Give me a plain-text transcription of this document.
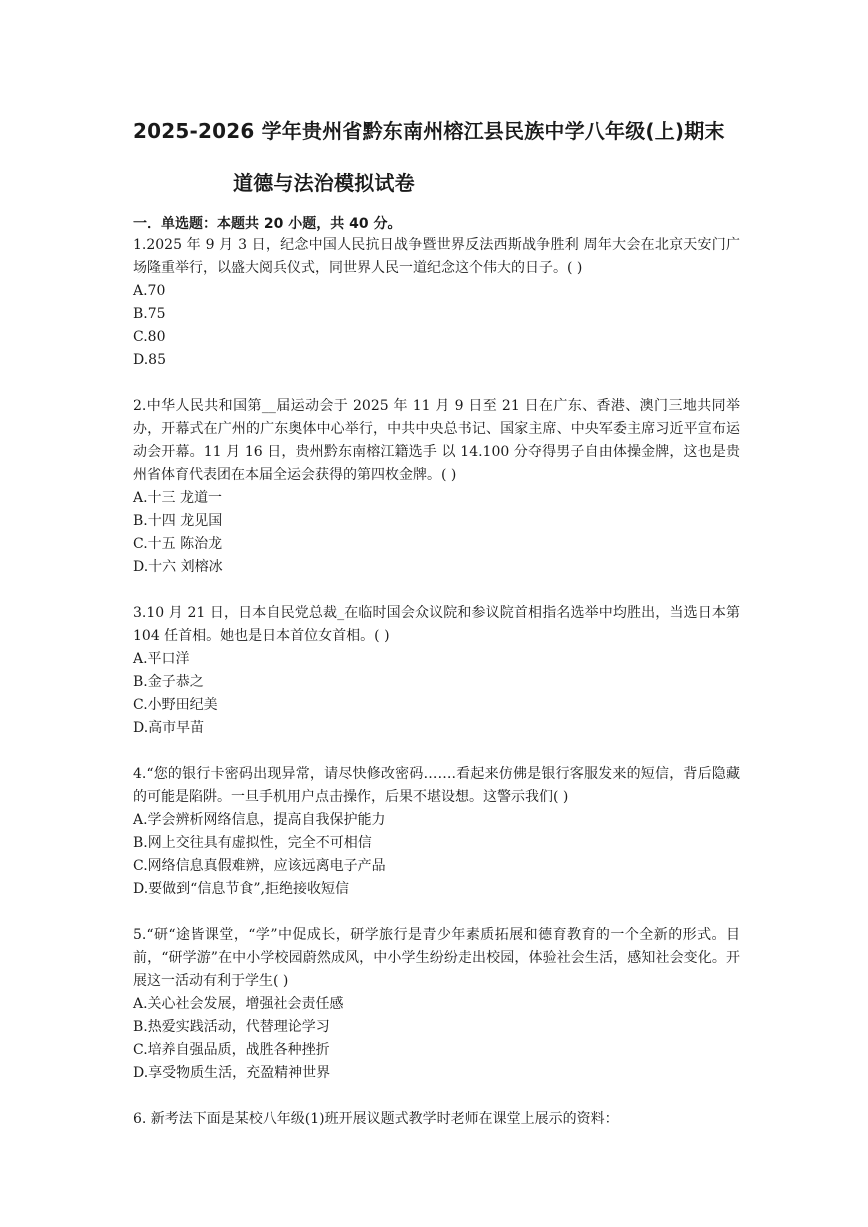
2025-2026 学年贵州省黔东南州榕江县民族中学八年级(上)期末
道德与法治模拟试卷
一．单选题：本题共 20 小题，共 40 分。
1.2025 年 9 月 3 日，纪念中国人民抗日战争暨世界反法西斯战争胜利 周年大会在北京天安门广场隆重举行，以盛大阅兵仪式，同世界人民一道纪念这个伟大的日子。( )
A.70
B.75
C.80
D.85
2.中华人民共和国第__届运动会于 2025 年 11 月 9 日至 21 日在广东、香港、澳门三地共同举办，开幕式在广州的广东奥体中心举行，中共中央总书记、国家主席、中央军委主席习近平宣布运动会开幕。11 月 16 日，贵州黔东南榕江籍选手 以 14.100 分夺得男子自由体操金牌，这也是贵州省体育代表团在本届全运会获得的第四枚金牌。( )
A.十三 龙道一
B.十四 龙见国
C.十五 陈治龙
D.十六 刘榕冰
3.10 月 21 日，日本自民党总裁_在临时国会众议院和参议院首相指名选举中均胜出，当选日本第 104 任首相。她也是日本首位女首相。( )
A.平口洋
B.金子恭之
C.小野田纪美
D.高市早苗
4.“您的银行卡密码出现异常，请尽快修改密码…….看起来仿佛是银行客服发来的短信，背后隐藏的可能是陷阱。一旦手机用户点击操作，后果不堪设想。这警示我们( )
A.学会辨析网络信息，提高自我保护能力
B.网上交往具有虚拟性，完全不可相信
C.网络信息真假难辨，应该远离电子产品
D.要做到“信息节食”,拒绝接收短信
5.“研“途皆课堂，“学”中促成长，研学旅行是青少年素质拓展和德育教育的一个全新的形式。目前，“研学游”在中小学校园蔚然成风，中小学生纷纷走出校园，体验社会生活，感知社会变化。开展这一活动有利于学生( )
A.关心社会发展，增强社会责任感
B.热爱实践活动，代替理论学习
C.培养自强品质，战胜各种挫折
D.享受物质生活，充盈精神世界
6. 新考法下面是某校八年级(1)班开展议题式教学时老师在课堂上展示的资料：
